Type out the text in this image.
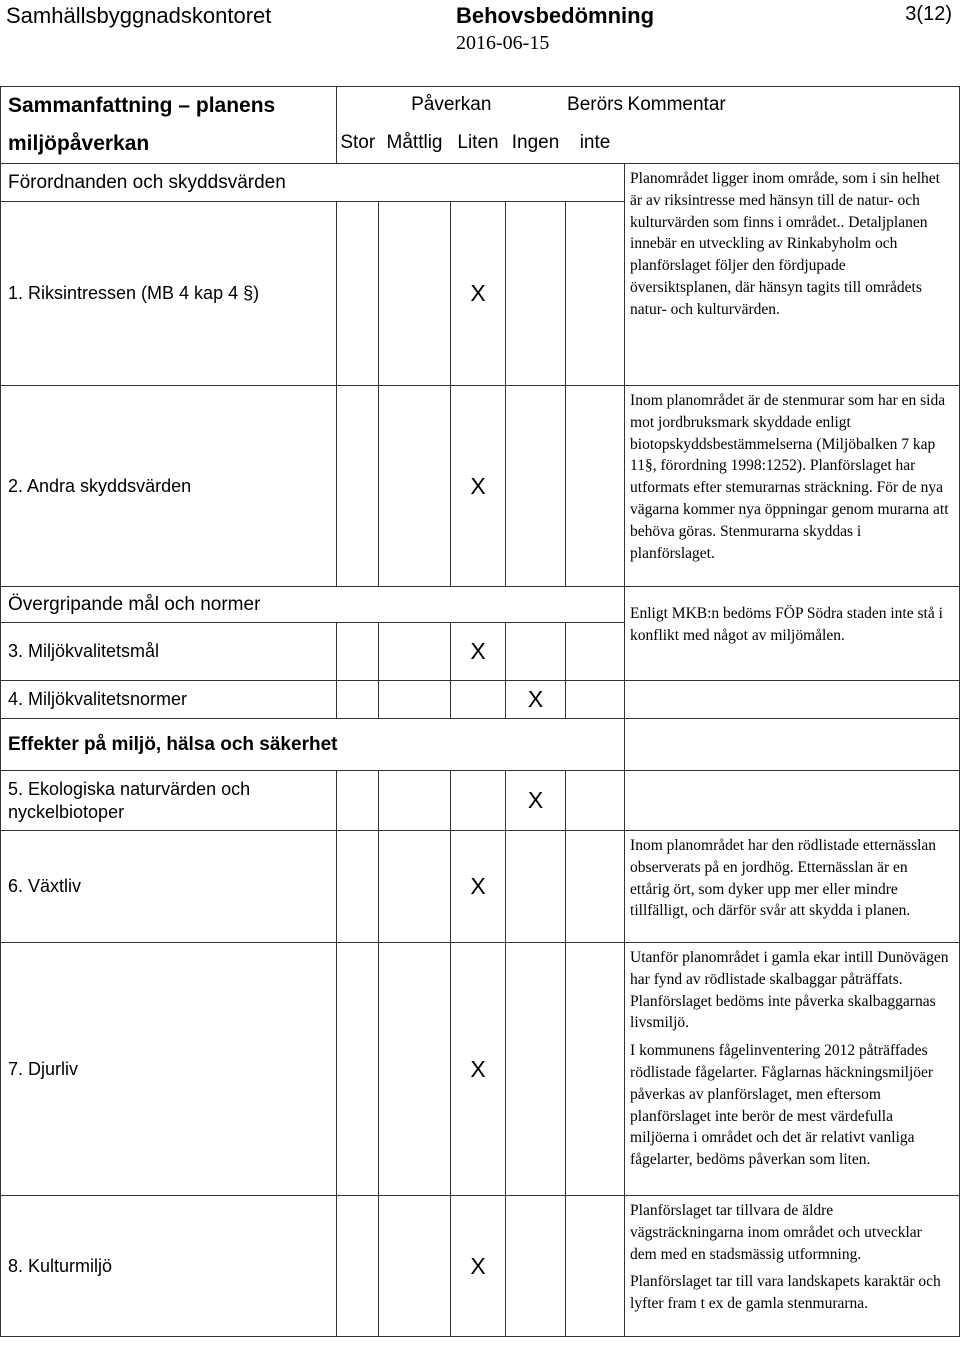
Samhällsbyggnadskontoret	Behovsbedömning	3(12)
2016-06-15
Sammanfattning – planens	Påverkan				Berörs	Kommentar
miljöpåverkan	Stor	Måttlig	Liten	Ingen	inte	
Förordnanden och skyddsvärden						Planområdet ligger inom område, som i sin helhet är av riksintresse med hänsyn till de natur- och kulturvärden som finns i området.. Detaljplanen innebär en utveckling av Rinkabyholm och planförslaget följer den fördjupade översiktsplanen, där hänsyn tagits till områdets natur- och kulturvärden.

1. Riksintressen (MB 4 kap 4 §)			X			
2. Andra skyddsvärden			X			Inom planområdet är de stenmurar som har en sida mot jordbruksmark skyddade enligt biotopskyddsbestämmelserna (Miljöbalken 7 kap 11§, förordning 1998:1252). Planförslaget har utformats efter stemurarnas sträckning. För de nya vägarna kommer nya öppningar genom murarna att behöva göras. Stenmurarna skyddas i planförslaget.

Övergripande mål och normer						Enligt MKB:n bedöms FÖP Södra staden inte stå i konflikt med något av miljömålen.

3. Miljökvalitetsmål			X			
4. Miljökvalitetsnormer				X		
Effekter på miljö, hälsa och säkerhet						
5. Ekologiska naturvärden och nyckelbiotoper				X		
6. Växtliv			X			Inom planområdet har den rödlistade etternässlan observerats på en jordhög. Etternässlan är en ettårig ört, som dyker upp mer eller mindre tillfälligt, och därför svår att skydda i planen.

7. Djurliv			X			Utanför planområdet i gamla ekar intill Dunövägen har fynd av rödlistade skalbaggar påträffats. Planförslaget bedöms inte påverka skalbaggarnas livsmiljö.

I kommunens fågelinventering 2012 påträffades rödlistade fågelarter. Fåglarnas häckningsmiljöer påverkas av planförslaget, men eftersom planförslaget inte berör de mest värdefulla miljöerna i området och det är relativt vanliga fågelarter, bedöms påverkan som liten.

8. Kulturmiljö			X			Planförslaget tar tillvara de äldre vägsträckningarna inom området och utvecklar dem med en stadsmässig utformning.

Planförslaget tar till vara landskapets karaktär och lyfter fram t ex de gamla stenmurarna.
